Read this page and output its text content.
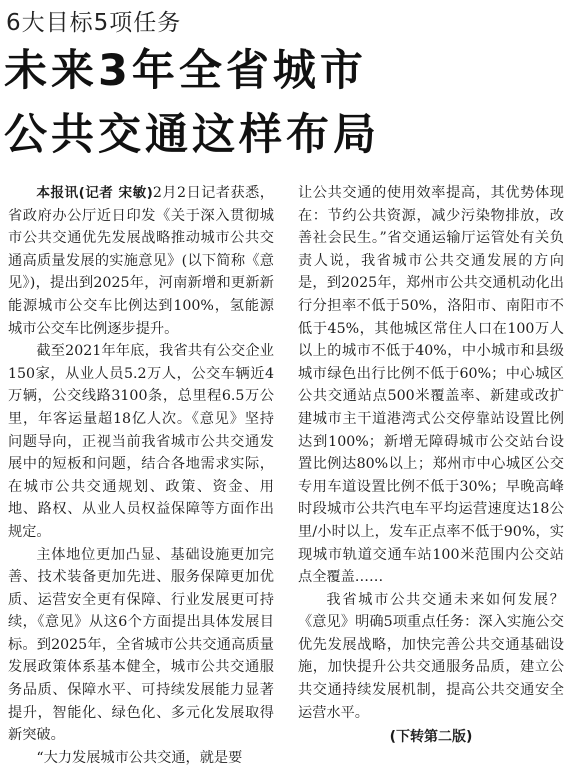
6大目标5项任务
未来3年全省城市
公共交通这样布局

本报讯(记者 宋敏)2月2日记者获悉，省政府办公厅近日印发《关于深入贯彻城市公共交通优先发展战略推动城市公共交通高质量发展的实施意见》(以下简称《意见》)，提出到2025年，河南新增和更新新能源城市公交车比例达到100%，氢能源城市公交车比例逐步提升。

截至2021年年底，我省共有公交企业150家，从业人员5.2万人，公交车辆近4万辆，公交线路3100条，总里程6.5万公里，年客运量超18亿人次。《意见》坚持问题导向，正视当前我省城市公共交通发展中的短板和问题，结合各地需求实际，在城市公共交通规划、政策、资金、用地、路权、从业人员权益保障等方面作出规定。

主体地位更加凸显、基础设施更加完善、技术装备更加先进、服务保障更加优质、运营安全更有保障、行业发展更可持续，《意见》从这6个方面提出具体发展目标。到2025年，全省城市公共交通高质量发展政策体系基本健全，城市公共交通服务品质、保障水平、可持续发展能力显著提升，智能化、绿色化、多元化发展取得新突破。

“大力发展城市公共交通，就是要

让公共交通的使用效率提高，其优势体现在：节约公共资源，减少污染物排放，改善社会民生。”省交通运输厅运管处有关负责人说，我省城市公共交通发展的方向是，到2025年，郑州市公共交通机动化出行分担率不低于50%，洛阳市、南阳市不低于45%，其他城区常住人口在100万人以上的城市不低于40%，中小城市和县级城市绿色出行比例不低于60%；中心城区公共交通站点500米覆盖率、新建或改扩建城市主干道港湾式公交停靠站设置比例达到100%；新增无障碍城市公交站台设置比例达80%以上；郑州市中心城区公交专用车道设置比例不低于30%；早晚高峰时段城市公共汽电车平均运营速度达18公里/小时以上，发车正点率不低于90%，实现城市轨道交通车站100米范围内公交站点全覆盖……

我省城市公共交通未来如何发展？《意见》明确5项重点任务：深入实施公交优先发展战略，加快完善公共交通基础设施，加快提升公共交通服务品质，建立公共交通持续发展机制，提高公共交通安全运营水平。

(下转第二版)
